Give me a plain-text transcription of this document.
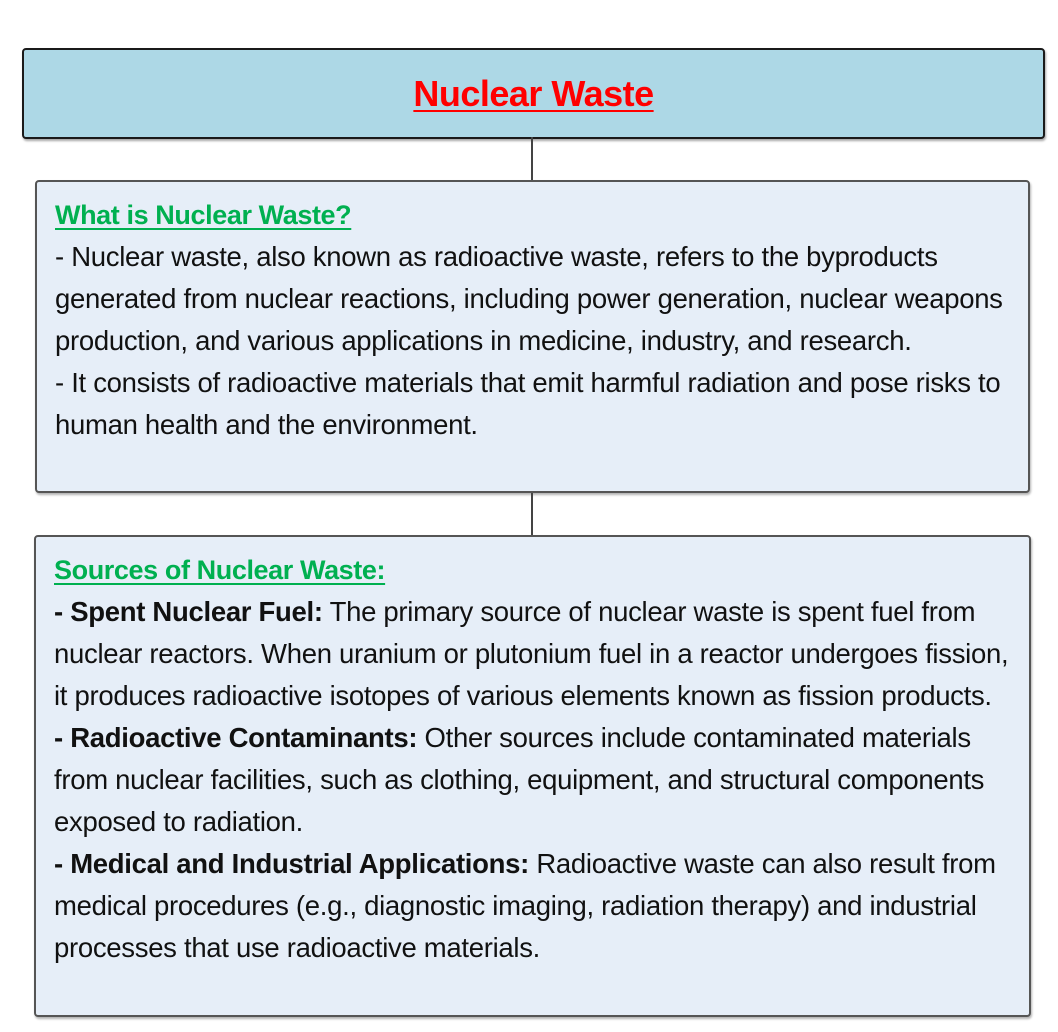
Nuclear Waste
What is Nuclear Waste?
- Nuclear waste, also known as radioactive waste, refers to the byproducts generated from nuclear reactions, including power generation, nuclear weapons production, and various applications in medicine, industry, and research.
- It consists of radioactive materials that emit harmful radiation and pose risks to human health and the environment.
Sources of Nuclear Waste:
- Spent Nuclear Fuel: The primary source of nuclear waste is spent fuel from nuclear reactors. When uranium or plutonium fuel in a reactor undergoes fission, it produces radioactive isotopes of various elements known as fission products.
- Radioactive Contaminants: Other sources include contaminated materials from nuclear facilities, such as clothing, equipment, and structural components exposed to radiation.
- Medical and Industrial Applications: Radioactive waste can also result from medical procedures (e.g., diagnostic imaging, radiation therapy) and industrial processes that use radioactive materials.
